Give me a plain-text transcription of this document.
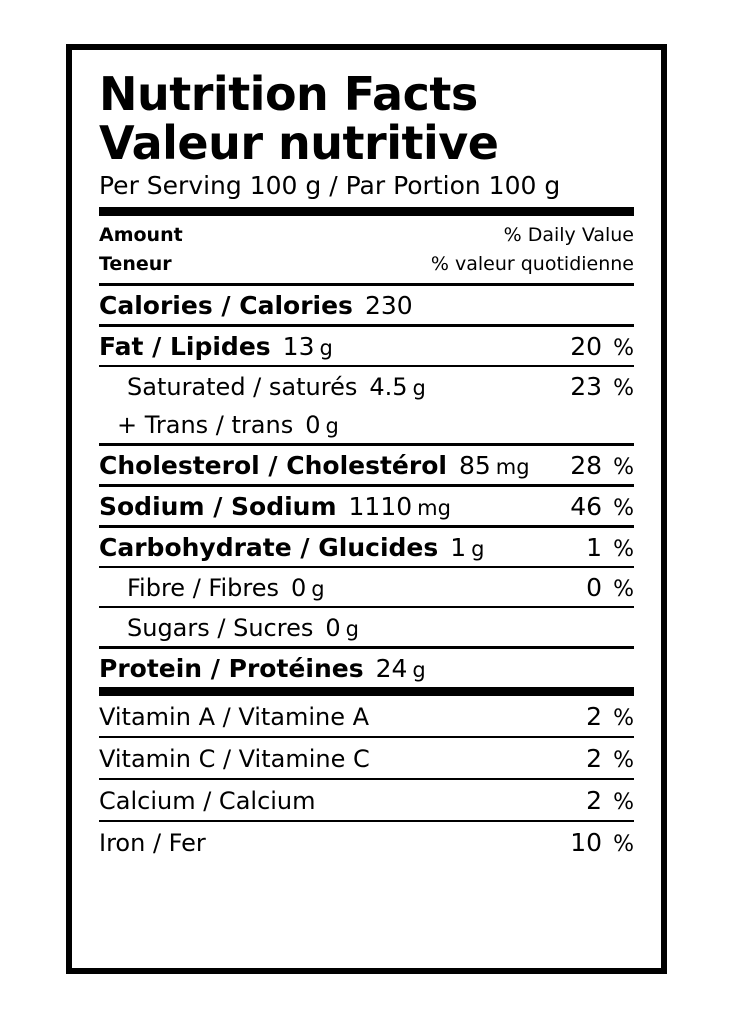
Nutrition Facts
Valeur nutritive
Per Serving 100 g / Par Portion 100 g
Amount
Teneur
% Daily Value
% valeur quotidienne
Calories / Calories 230
Fat / Lipides 13 g	20 %
Saturated / saturés 4.5 g	23 %
+ Trans / trans 0 g
Cholesterol / Cholestérol 85 mg 28 %
Sodium / Sodium 1110 mg	46 %
Carbohydrate / Glucides 1 g	1 %
Fibre / Fibres 0 g	0 %
Sugars / Sucres 0 g
Protein / Protéines 24 g
Vitamin A / Vitamine A	2 %
Vitamin C / Vitamine C	2 %
Calcium / Calcium	2 %
Iron / Fer	10 %
